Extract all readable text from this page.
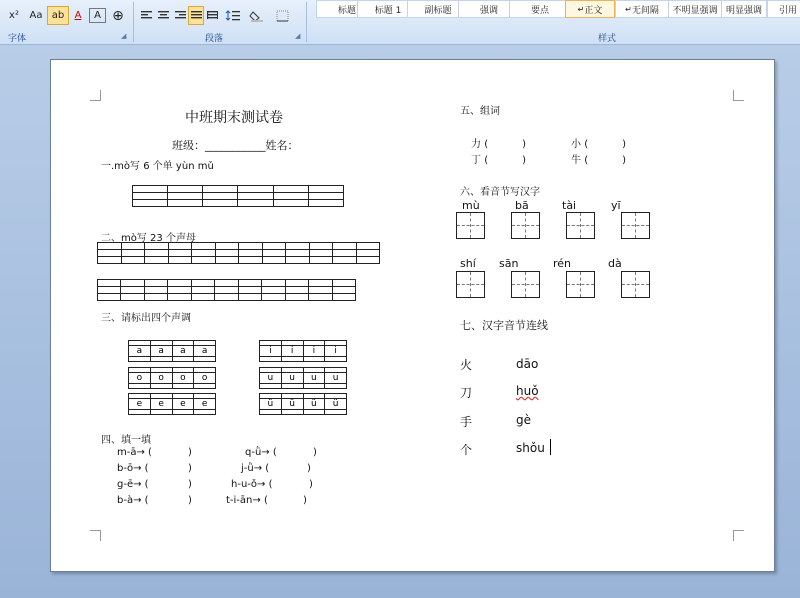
x²	Aa ab	A	A ⊕
字体	◢	段落	◢
标题	标题 1	副标题	强调	要点	↵ 正文	↵ 无间隔	不明显强调 明显强调	引用
样式
中班期末测试卷
班级：___________姓名：
一.mò写 6 个单 yùn mǔ

二、mò写 23 个声母

三、请标出四个声调

a	a	a	a

				i	i	i	i

o	o	o	o

				u	u	u	u

e	e	e	e

				ü	ü	ü	ü

四、填一填
m-ā→ (	)	q-ǜ→ (	)
b-ō→ (	)	j-ǜ→ (	)
g-ē→ (	)	h-u-ǒ→ (	)
b-à→ (	)	t-i-ān→ (	)
五、组词
力 (	)	小 (	)
丁 (	)	牛 (	)
六、看音节写汉字
mù	bā	tài	yī
shí sān	rén	dà
七、汉字音节连线
火
刀
手
个
dāo
huǒ
gè
shǒu
